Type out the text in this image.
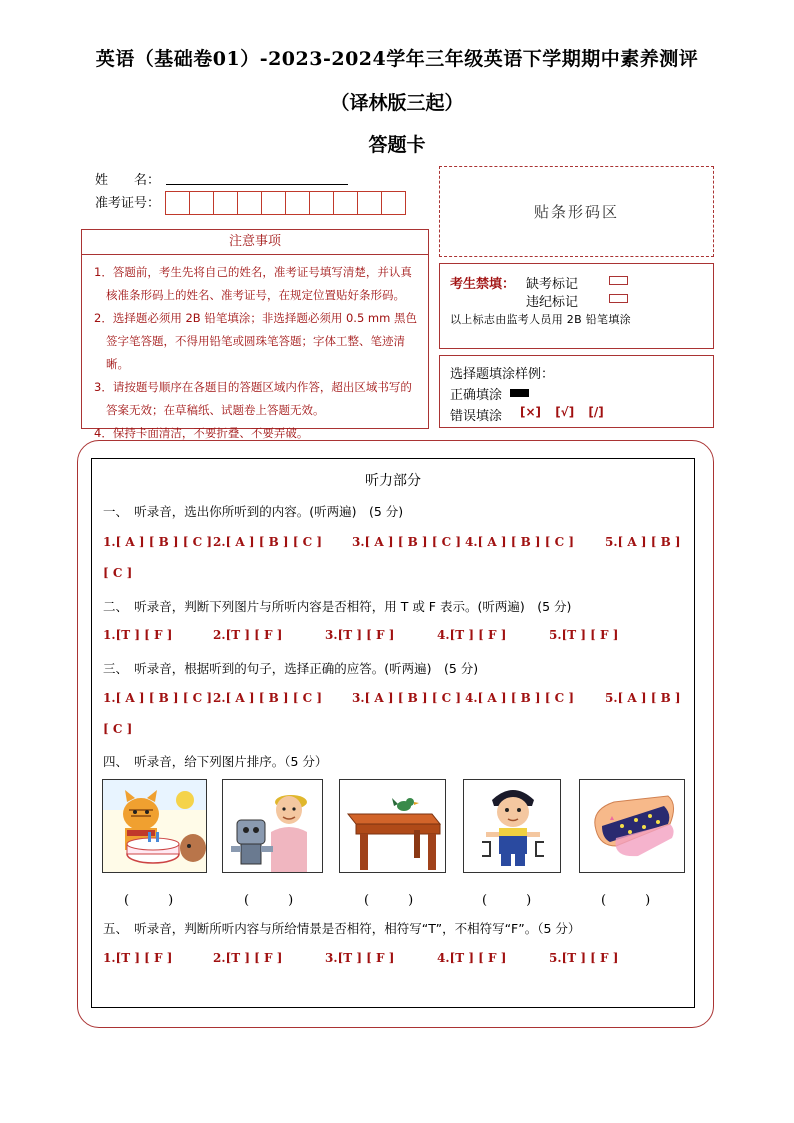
英语（基础卷01）-2023-2024学年三年级英语下学期期中素养测评
（译林版三起）
答题卡
姓　　名：
准考证号：	贴条形码区
注意事项
1．答题前，考生先将自己的姓名，准考证号填写清楚，并认真核准条形码上的姓名、准考证号，在规定位置贴好条形码。
2．选择题必须用 2B 铅笔填涂；非选择题必须用 0.5 mm 黑色签字笔答题，不得用铅笔或圆珠笔答题；字体工整、笔迹清晰。
3．请按题号顺序在各题目的答题区域内作答，超出区域书写的答案无效；在草稿纸、试题卷上答题无效。
4．保持卡面清洁，不要折叠、不要弄破。
考生禁填： 缺考标记
违纪标记
以上标志由监考人员用 2B 铅笔填涂
选择题填涂样例：
正确填涂
错误填涂 [×] [√] [/]
听力部分
一、　听录音，选出你所听到的内容。(听两遍)　(5 分)
1.[ A ] [ B ] [ C ] 2.[ A ] [ B ] [ C ] 3.[ A ] [ B ] [ C ] 4.[ A ] [ B ] [ C ]	5.[ A ] [ B ]
[ C ]
二、　听录音，判断下列图片与所听内容是否相符，用 T 或 F 表示。(听两遍)　(5 分)
1.[T ] [ F ]	2.[T ] [ F ]	3.[T ] [ F ]	4.[T ] [ F ]	5.[T ] [ F ]
三、　听录音，根据听到的句子，选择正确的应答。(听两遍)　(5 分)
1.[ A ] [ B ] [ C ] 2.[ A ] [ B ] [ C ] 3.[ A ] [ B ] [ C ] 4.[ A ] [ B ] [ C ]	5.[ A ] [ B ]
[ C ]
四、　听录音，给下列图片排序。（5 分）
(　　　)	(　　　)	(　　　)	(　　　)	(　　　)
五、　听录音，判断所听内容与所给情景是否相符，相符写“T”，不相符写“F”。（5 分）
1.[T ] [ F ]	2.[T ] [ F ]	3.[T ] [ F ]	4.[T ] [ F ]	5.[T ] [ F ]
